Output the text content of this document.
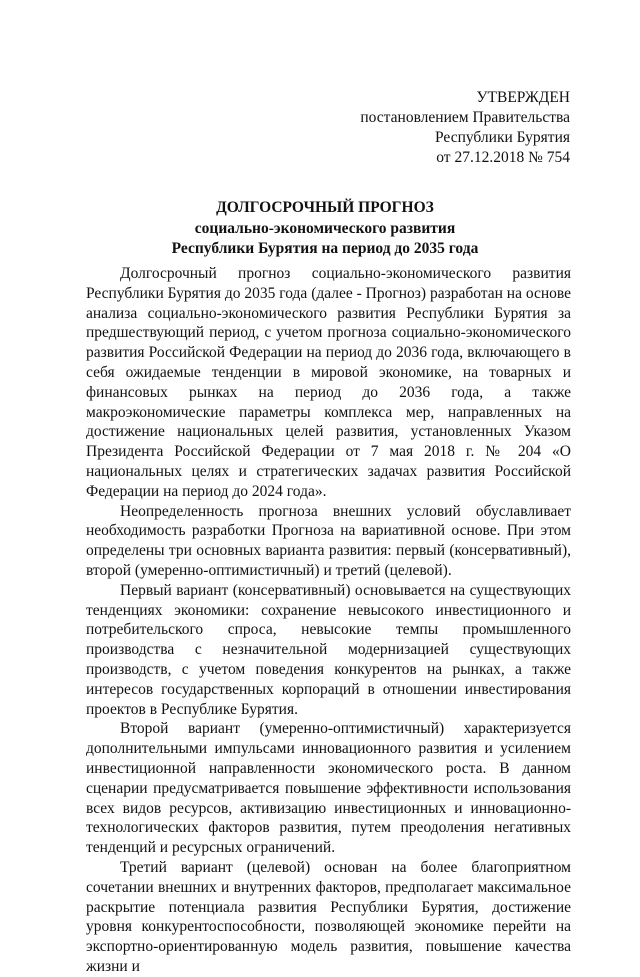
УТВЕРЖДЕН
постановлением Правительства
Республики Бурятия
от 27.12.2018 № 754
ДОЛГОСРОЧНЫЙ ПРОГНОЗ
социально-экономического развития
Республики Бурятия на период до 2035 года

Долгосрочный прогноз социально-экономического развития Республики Бурятия до 2035 года (далее - Прогноз) разработан на основе анализа социально-экономического развития Республики Бурятия за предшествующий период, с учетом прогноза социально-экономического развития Российской Федерации на период до 2036 года, включающего в себя ожидаемые тенденции в мировой экономике, на товарных и финансовых рынках на период до 2036 года, а также макроэкономические параметры комплекса мер, направленных на достижение национальных целей развития, установленных Указом Президента Российской Федерации от 7 мая 2018 г. № 204 «О национальных целях и стратегических задачах развития Российской Федерации на период до 2024 года».

Неопределенность прогноза внешних условий обуславливает необходимость разработки Прогноза на вариативной основе. При этом определены три основных варианта развития: первый (консервативный), второй (умеренно-оптимистичный) и третий (целевой).

Первый вариант (консервативный) основывается на существующих тенденциях экономики: сохранение невысокого инвестиционного и потребительского спроса, невысокие темпы промышленного производства с незначительной модернизацией существующих производств, с учетом поведения конкурентов на рынках, а также интересов государственных корпораций в отношении инвестирования проектов в Республике Бурятия.

Второй вариант (умеренно-оптимистичный) характеризуется дополнительными импульсами инновационного развития и усилением инвестиционной направленности экономического роста. В данном сценарии предусматривается повышение эффективности использования всех видов ресурсов, активизацию инвестиционных и инновационно-технологических факторов развития, путем преодоления негативных тенденций и ресурсных ограничений.

Третий вариант (целевой) основан на более благоприятном сочетании внешних и внутренних факторов, предполагает максимальное раскрытие потенциала развития Республики Бурятия, достижение уровня конкурентоспособности, позволяющей экономике перейти на экспортно-ориентированную модель развития, повышение качества жизни и
